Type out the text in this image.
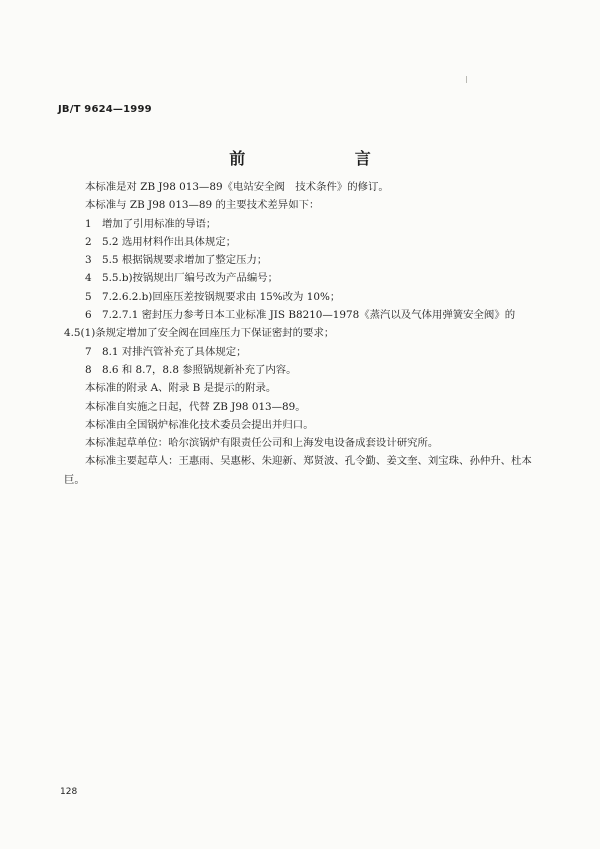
JB/T 9624—1999
前 言
本标准是对 ZB J98 013—89《电站安全阀　技术条件》的修订。
本标准与 ZB J98 013—89 的主要技术差异如下：
1　增加了引用标准的导语；
2　5.2 选用材料作出具体规定；
3　5.5 根据锅规要求增加了整定压力；
4　5.5.b)按锅规出厂编号改为产品编号；
5　7.2.6.2.b)回座压差按锅规要求由 15%改为 10%；
6　7.2.7.1 密封压力参考日本工业标准 JIS B8210—1978《蒸汽以及气体用弹簧安全阀》的 4.5(1)条规定增加了安全阀在回座压力下保证密封的要求；
7　8.1 对排汽管补充了具体规定；
8　8.6 和 8.7，8.8 参照锅规新补充了内容。
本标准的附录 A、附录 B 是提示的附录。
本标准自实施之日起，代替 ZB J98 013—89。
本标准由全国锅炉标准化技术委员会提出并归口。
本标准起草单位：哈尔滨锅炉有限责任公司和上海发电设备成套设计研究所。
本标准主要起草人：王惠雨、吴惠彬、朱迎新、郑贤波、孔令勤、姜文奎、刘宝珠、孙仲升、杜本巨。
128
